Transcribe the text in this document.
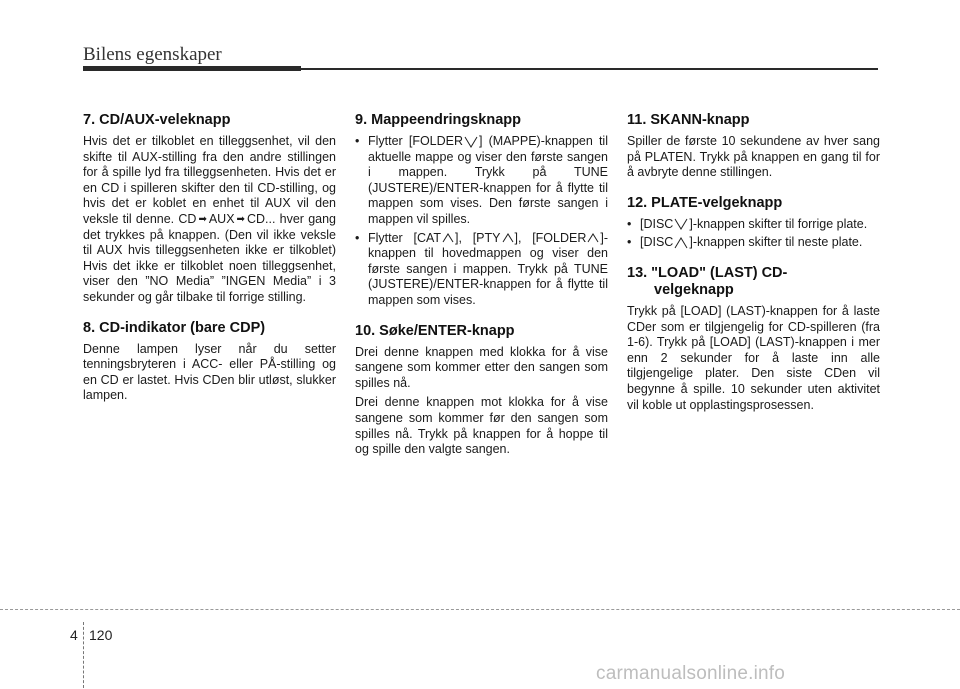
Bilens egenskaper
7. CD/AUX-veleknapp

Hvis det er tilkoblet en tilleggsenhet, vil den skifte til AUX-stilling fra den andre stillingen for å spille lyd fra tilleggsenheten. Hvis det er en CD i spilleren skifter den til CD-stilling, og hvis det er koblet en enhet til AUX vil den veksle til denne. CD ➡ AUX ➡ CD... hver gang det trykkes på knappen. (Den vil ikke veksle til AUX hvis tilleggsenheten ikke er tilkoblet) Hvis det ikke er tilkoblet noen tilleggsenhet, viser den ”NO Media” ”INGEN Media” i 3 sekunder og går tilbake til forrige stilling.

8. CD-indikator (bare CDP)

Denne lampen lyser når du setter tenningsbryteren i ACC- eller PÅ-stilling og en CD er lastet. Hvis CDen blir utløst, slukker lampen.

9. Mappeendringsknapp
• Flytter [FOLDER ] (MAPPE)-knappen til aktuelle mappe og viser den første sangen i mappen. Trykk på TUNE (JUSTERE)/ENTER-knappen for å flytte til mappen som vises. Den første sangen i mappen vil spilles.
• Flytter [CAT ], [PTY ], [FOLDER ]-knappen til hovedmappen og viser den første sangen i mappen. Trykk på TUNE (JUSTERE)/ENTER-knappen for å flytte til mappen som vises.
10. Søke/ENTER-knapp

Drei denne knappen med klokka for å vise sangene som kommer etter den sangen som spilles nå.

Drei denne knappen mot klokka for å vise sangene som kommer før den sangen som spilles nå. Trykk på knappen for å hoppe til og spille den valgte sangen.

11. SKANN-knapp

Spiller de første 10 sekundene av hver sang på PLATEN. Trykk på knappen en gang til for å avbryte denne stillingen.

12. PLATE-velgeknapp
• [DISC ]-knappen skifter til forrige plate.
• [DISC ]-knappen skifter til neste plate.
13. "LOAD" (LAST) CD-
velgeknapp

Trykk på [LOAD] (LAST)-knappen for å laste CDer som er tilgjengelig for CD-spilleren (fra 1-6). Trykk på [LOAD] (LAST)-knappen i mer enn 2 sekunder for å laste inn alle tilgjengelige plater. Den siste CDen vil begynne å spille. 10 sekunder uten aktivitet vil koble ut opplastingsprosessen.

4 120
carmanualsonline.info
